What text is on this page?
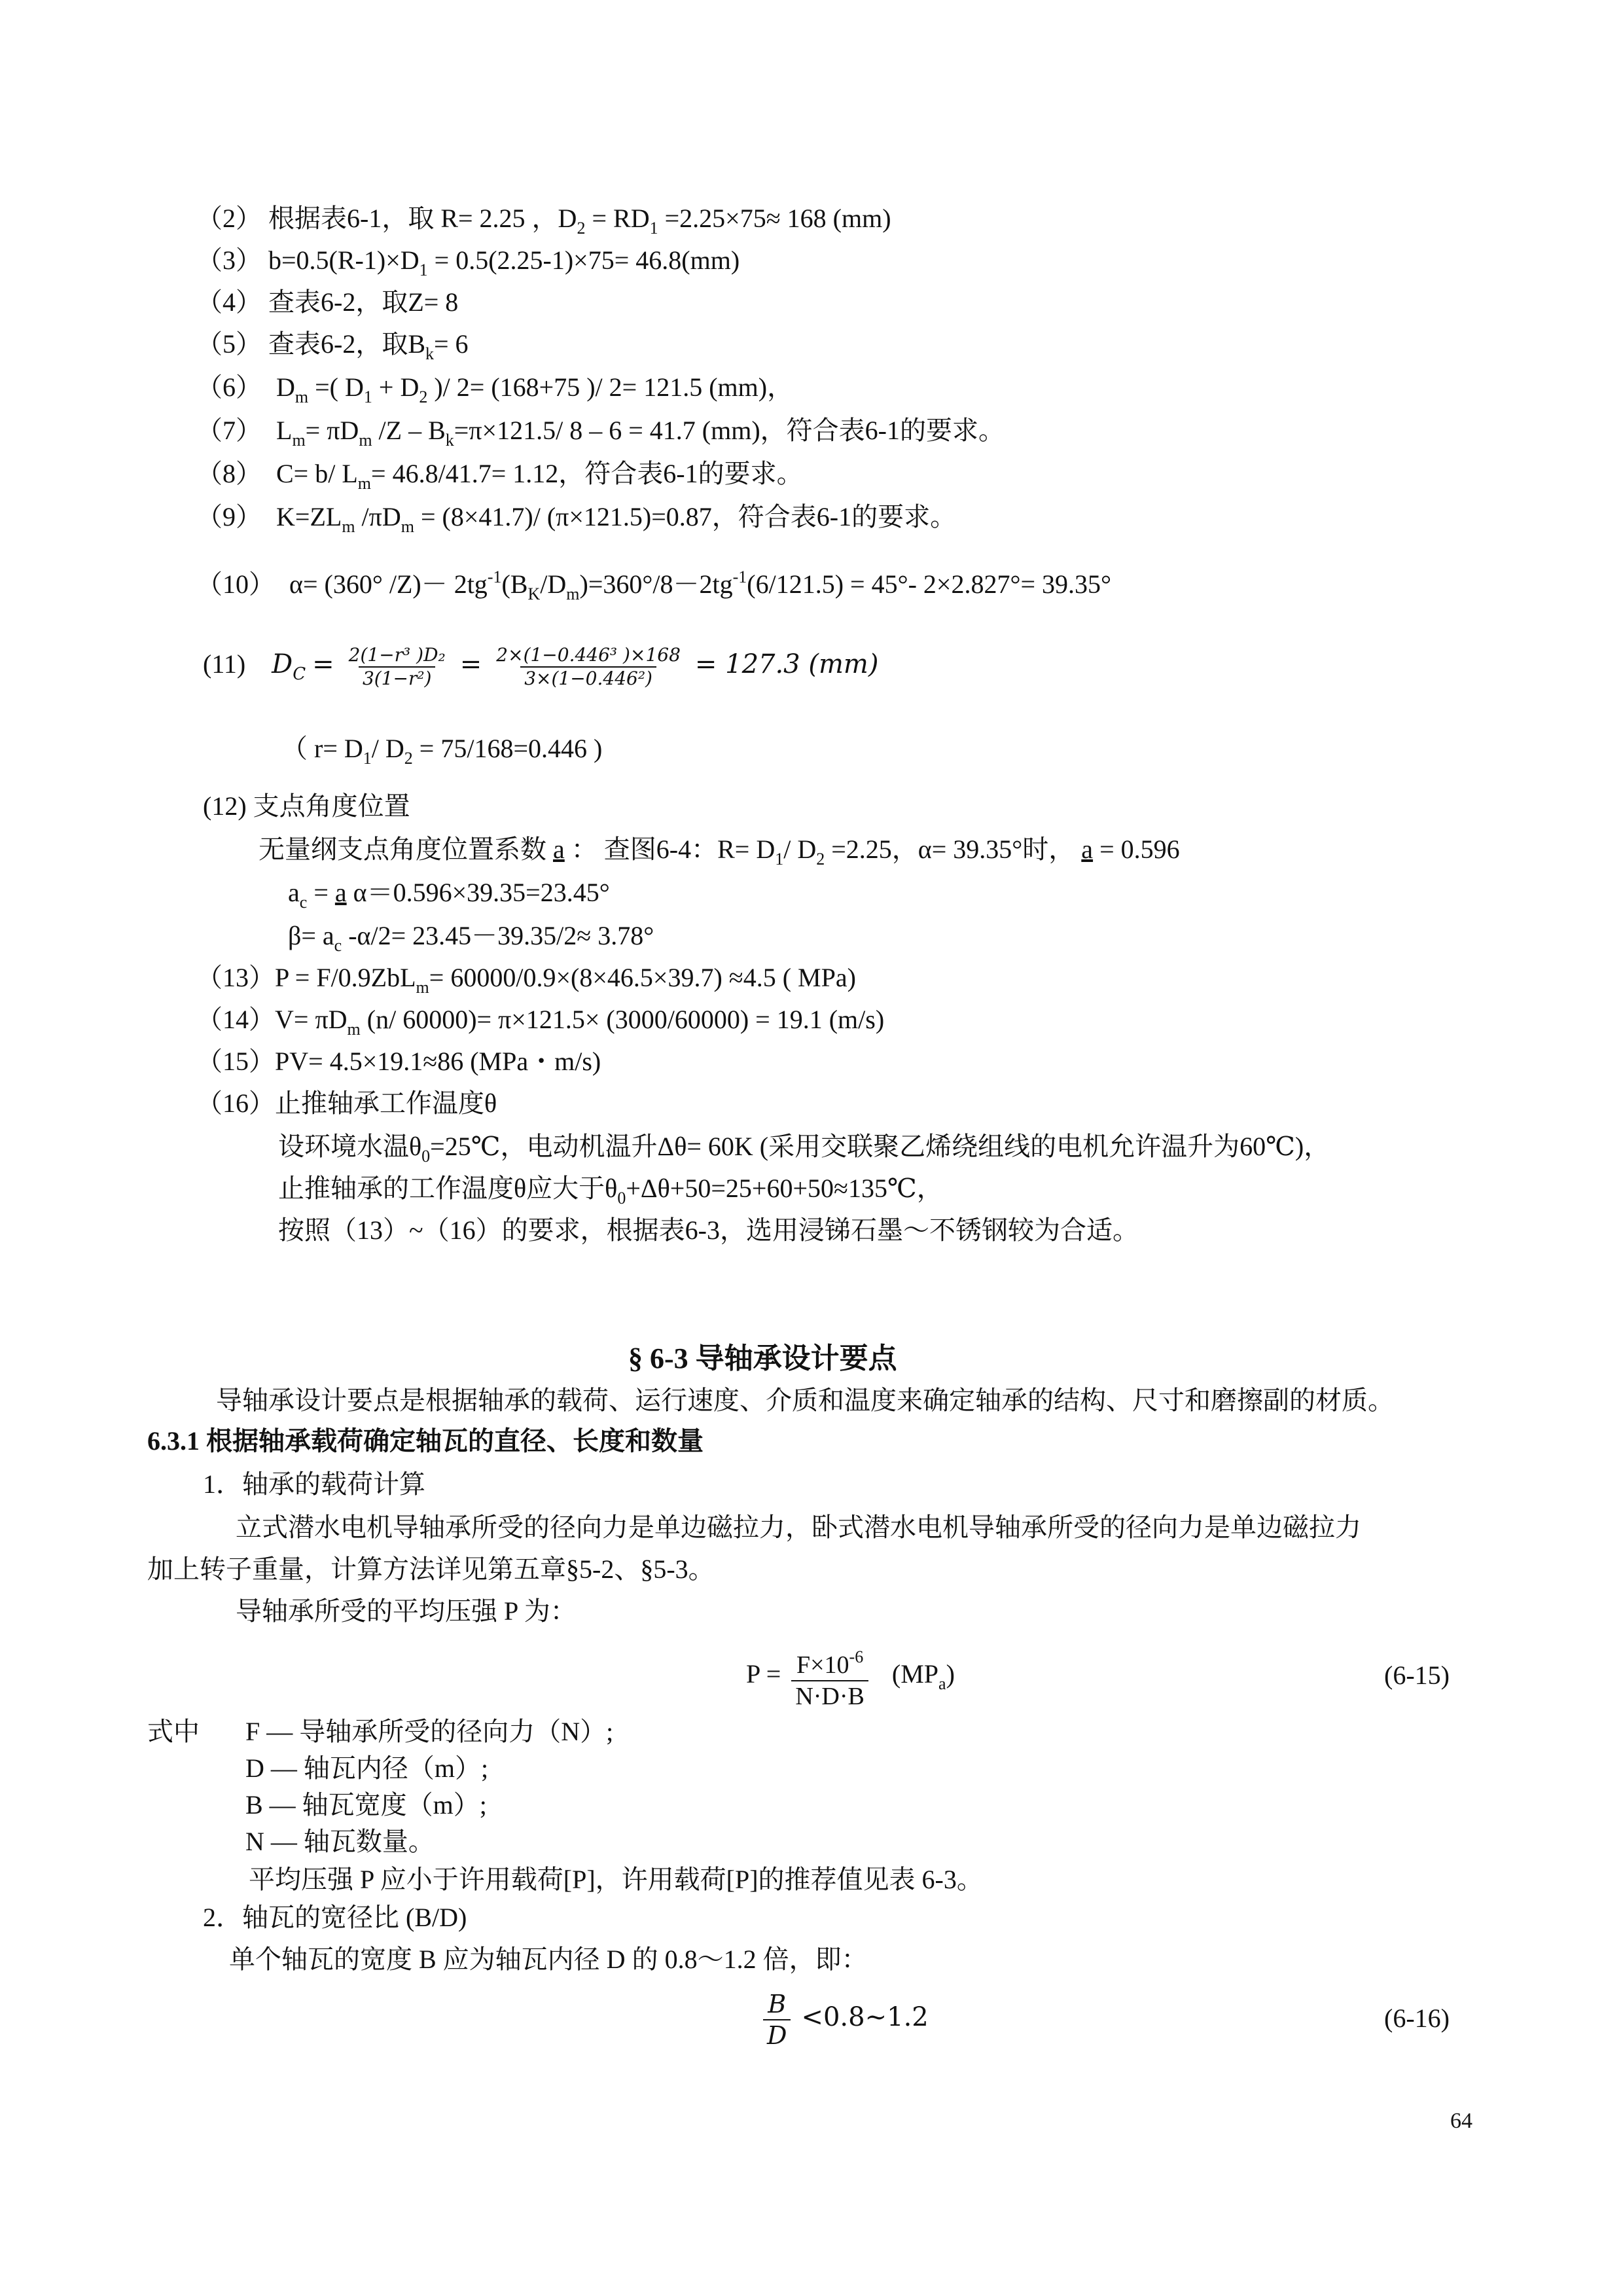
（2） 根据表6-1，取 R= 2.25 ，$D_2 = RD_1 =2.25\times 75\approx 168$ (mm)
（3） $b=0.5(R-1)\times D_1 = 0.5(2.25-1)\times 75= 46.8(mm)$
（4） 查表6-2，取Z= 8
（5） 查表6-2，取$B_k= 6$
（6） $D_m$ =( $D_1 + D_2$ )/ 2= (168+75 )/ 2= 121.5 (mm)，
（7） $L_m= \pi D_m$ $/Z - B_k=\pi\times 121.5/$ 8 – 6 = 41.7 (mm)，符合表6-1的要求。
（8） C= b/ $L_m= 46.8/41.7= 1.12$，符合表6-1的要求。
（9） $K=ZL_m$ $/\pi D_m = (8\times 41.7)/$ (π×121.5)=0.87，符合表6-1的要求。
（10） α= (360° $/Z)- 2tg^{-1}(B_K/D_m)=360^\circ/8-2tg^{-1}(6/121.5) = 45^\circ-$ 2×2.827°= 39.35°
(11) $D_C = \frac{\text{2(1−r³ )D₂}}{\text{3(1−r²)}} = \frac{\text{2×(1−0.446³ )×168}}{\text{3×(1−0.446²)}} = 127.3$ (mm)
（ $r= D_1/$ $D_2 = 75/168=0.446$ )
(12) 支点角度位置
无量纲支点角度位置系数 a ： 查图6-4：$R= D_1/$ $D_2 =2.25$，α= 39.35°时， a = 0.596
$a_c = a$ α＝0.596×39.35=23.45°
$\beta= a_c$ -α/2= 23.45－39.35/2≈ 3.78°
（13）P = F/0.9ZbL$_m$= 60000/0.9×(8×46.5×39.7) ≈4.5 ( MPa)
$(14)V= \pi D_m$ (n/ 60000)= π×121.5× (3000/60000) = 19.1 (m/s)
（15）PV= 4.5×19.1≈86 (MPa・m/s)
（16）止推轴承工作温度θ
设环境水温$\theta_0=25℃$，电动机温升Δθ= 60K (采用交联聚乙烯绕组线的电机允许温升为60℃)，
止推轴承的工作温度θ应大于$\theta_0+\Delta\theta+50=25+60+50\approx 135℃$，
按照（13）~（16）的要求，根据表6-3，选用浸锑石墨～不锈钢较为合适。
§ 6-3 导轴承设计要点
导轴承设计要点是根据轴承的载荷、运行速度、介质和温度来确定轴承的结构、尺寸和磨擦副的材质。
6.3.1 根据轴承载荷确定轴瓦的直径、长度和数量
1．轴承的载荷计算
立式潜水电机导轴承所受的径向力是单边磁拉力，卧式潜水电机导轴承所受的径向力是单边磁拉力
加上转子重量，计算方法详见第五章§5-2、§5-3。
导轴承所受的平均压强 P 为：
$P = \frac{F\times 10^{-6}}{N\cdot D\cdot B} (MP_a)$	(6-15)
式中 F — 导轴承所受的径向力（N）;
D — 轴瓦内径（m）;
B — 轴瓦宽度（m）;
N — 轴瓦数量。
平均压强 P 应小于许用载荷[P]，许用载荷[P]的推荐值见表 6-3。
2．轴瓦的宽径比 (B/D)
单个轴瓦的宽度 B 应为轴瓦内径 D 的 0.8～1.2 倍，即：
$\frac{B}{D}$ <0.8~1.2	(6-16)
64
